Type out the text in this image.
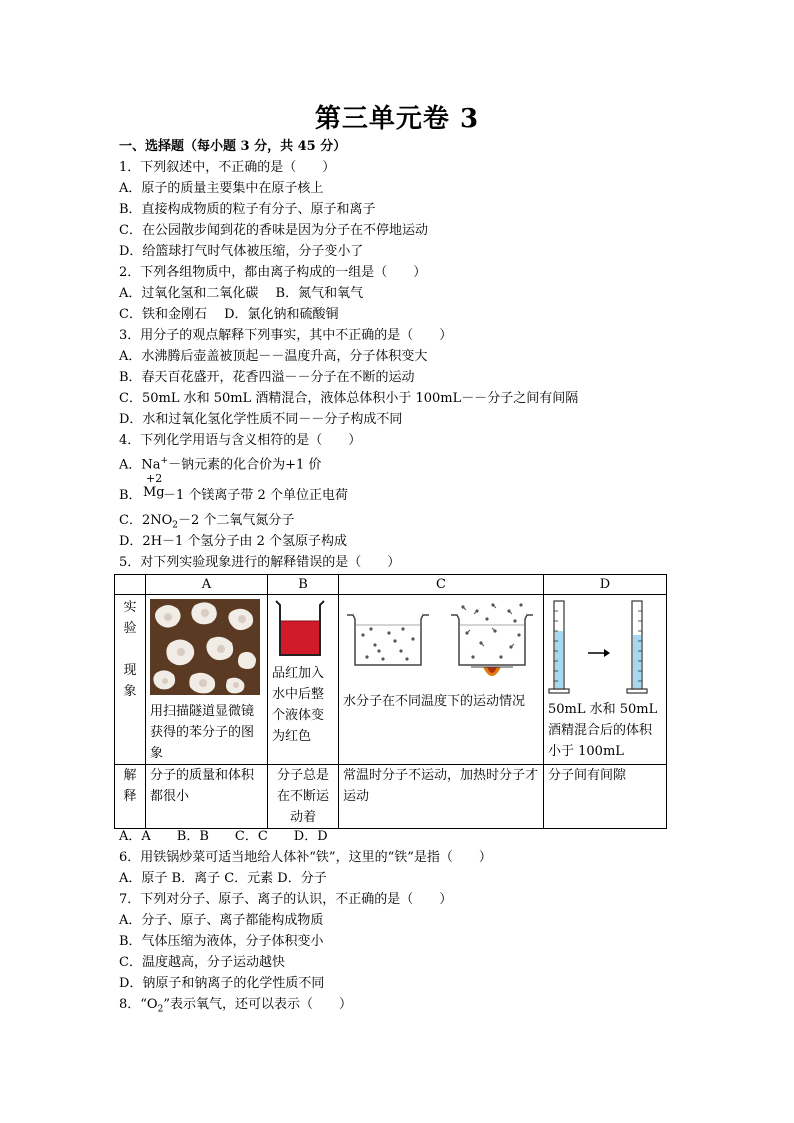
第三单元卷 3
一、选择题（每小题 3 分，共 45 分）
1．下列叙述中，不正确的是（　　）
A．原子的质量主要集中在原子核上
B．直接构成物质的粒子有分子、原子和离子
C．在公园散步闻到花的香味是因为分子在不停地运动
D．给篮球打气时气体被压缩，分子变小了
2．下列各组物质中，都由离子构成的一组是（　　）
A．过氧化氢和二氧化碳　 B．氮气和氧气
C．铁和金刚石　 D．氯化钠和硫酸铜
3．用分子的观点解释下列事实，其中不正确的是（　　）
A．水沸腾后壶盖被顶起－－温度升高，分子体积变大
B．春天百花盛开，花香四溢－－分子在不断的运动
C．50mL 水和 50mL 酒精混合，液体总体积小于 100mL－－分子之间有间隔
D．水和过氧化氢化学性质不同－－分子构成不同
4．下列化学用语与含义相符的是（　　）
A．Na+－钠元素的化合价为+1 价
B．
+2
Mg
－1 个镁离子带 2 个单位正电荷
C．$2NO_2-2$ 个二氧气氮分子
D．2H－1 个氢分子由 2 个氢原子构成
5．对下列实验现象进行的解释错误的是（　　）
	A	B	C	D

实
验
现
象	用扫描隧道显微镜获得的苯分子的图象	品红加入水中后整个液体变为红色	水分子在不同温度下的运动情况	50mL 水和 50mL 酒精混合后的体积小于 100mL

解
释	分子的质量和体积都很小	分子总是在不断运动着	常温时分子不运动，加热时分子才运动	分子间有间隙
A．A　　B．B　　C．C　　D．D
6．用铁锅炒菜可适当地给人体补“铁”，这里的“铁”是指（　　）
A．原子 B．离子 C．元素 D．分子
7．下列对分子、原子、离子的认识，不正确的是（　　）
A．分子、原子、离子都能构成物质
B．气体压缩为液体，分子体积变小
C．温度越高，分子运动越快
D．钠原子和钠离子的化学性质不同
8．“$O_2$”表示氧气，还可以表示（　　）
